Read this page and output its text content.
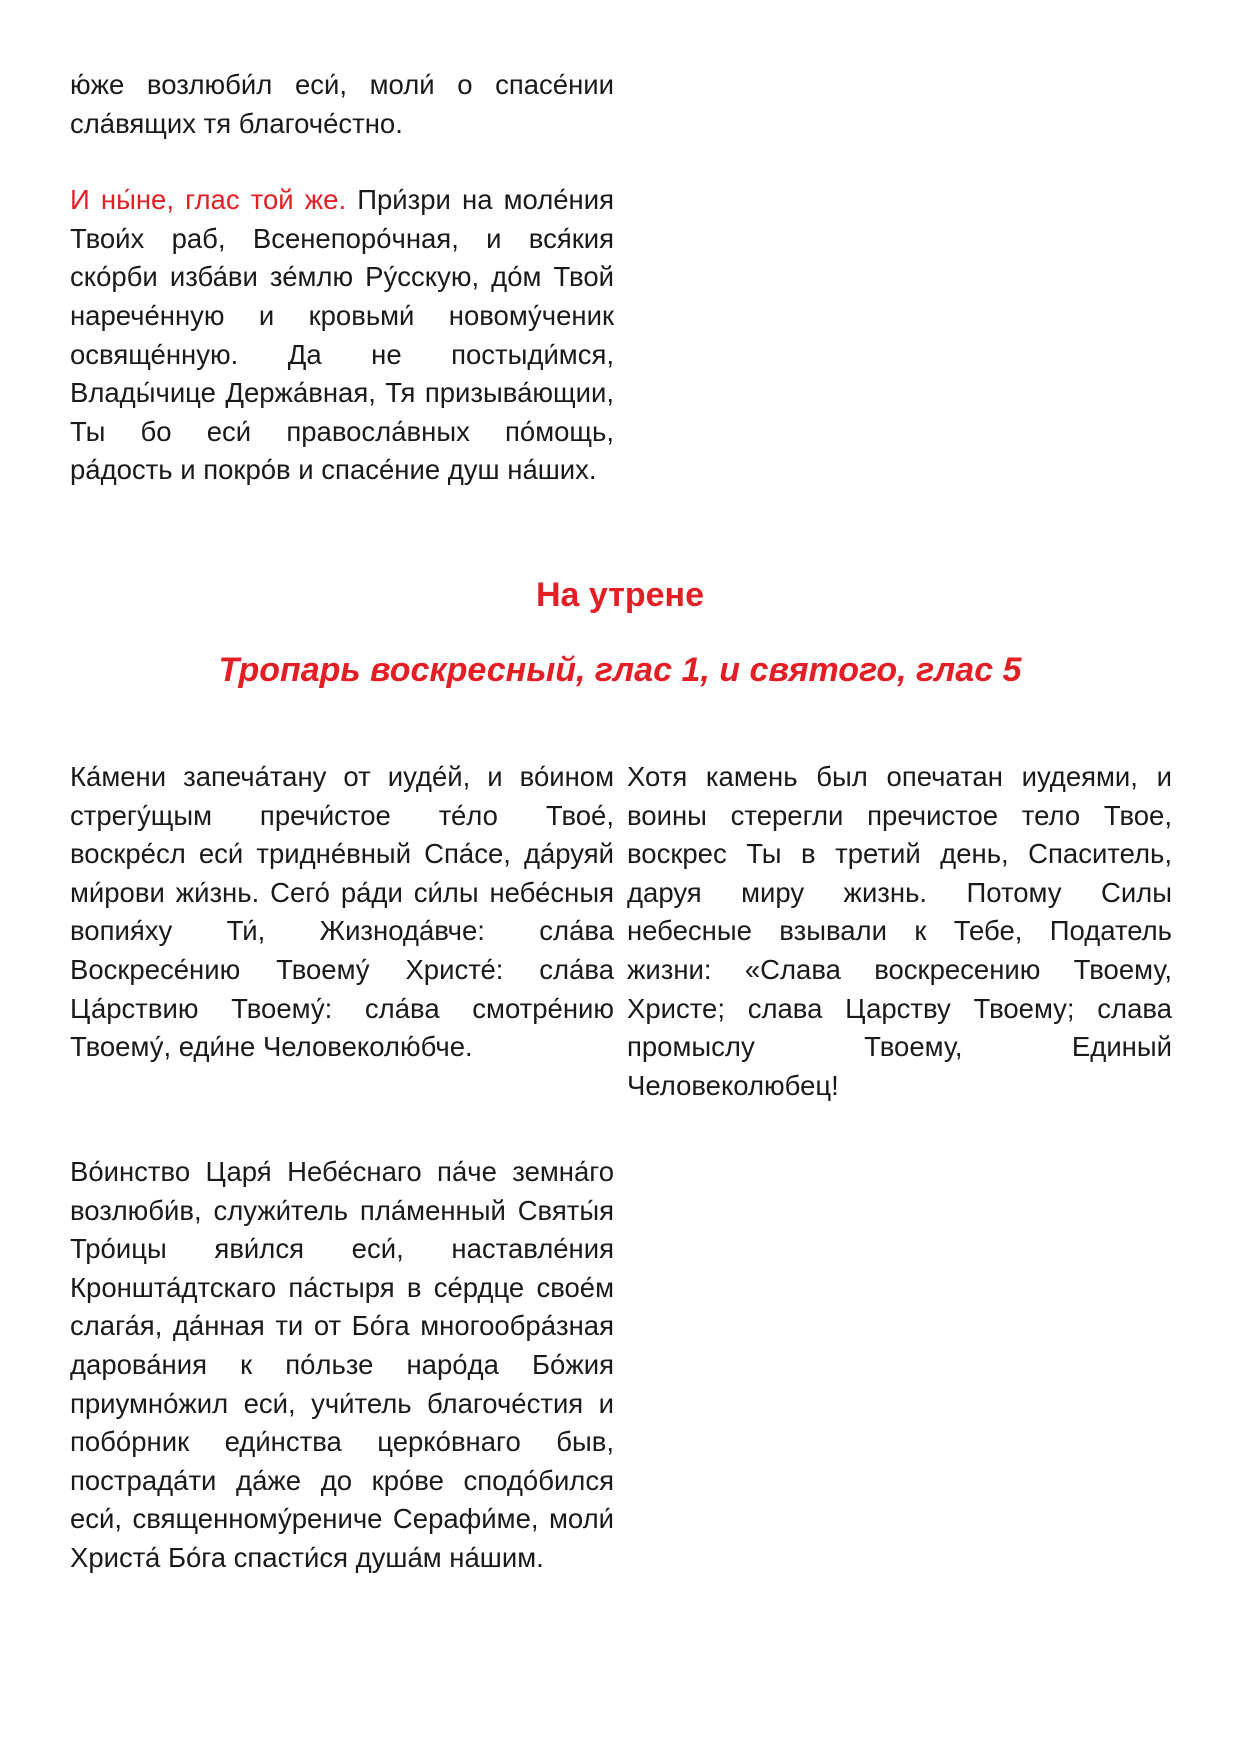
ю́же возлюби́л еси́, моли́ о спасе́нии сла́вящих тя благоче́стно.

И ны́не, глас той же. При́зри на моле́ния Твои́х раб, Всенепоро́чная, и вся́кия ско́рби изба́ви зе́млю Ру́сскую, до́м Твой нарече́нную и кровьми́ новому́ченик освяще́нную. Да не постыди́мся, Влады́чице Держа́вная, Тя призыва́ющии, Ты бо еси́ правосла́вных по́мощь, ра́дость и покро́в и спасе́ние душ на́ших.

На утрене
Тропарь воскресный, глас 1, и святого, глас 5

Ка́мени запеча́тану от иуде́й, и во́ином стрегу́щым пречи́стое те́ло Твое́, воскре́сл еси́ тридне́вный Спа́се, да́руяй ми́рови жи́знь. Сего́ ра́ди си́лы небе́сныя вопия́ху Ти́, Жизнода́вче: сла́ва Воскресе́нию Твоему́ Христе́: сла́ва Ца́рствию Твоему́: сла́ва смотре́нию Твоему́, еди́не Человеколю́бче.

Хотя камень был опечатан иудеями, и воины стерегли пречистое тело Твое, воскрес Ты в третий день, Спаситель, даруя миру жизнь. Потому Силы небесные взывали к Тебе, Податель жизни: «Слава воскресению Твоему, Христе; слава Царству Твоему; слава промыслу Твоему, Единый Человеколюбец!

Во́инство Царя́ Небе́снаго па́че земна́го возлюби́в, служи́тель пла́менный Святы́я Тро́ицы яви́лся еси́, наставле́ния Кроншта́дтскаго па́стыря в се́рдце свое́м слага́я, да́нная ти от Бо́га многообра́зная дарова́ния к по́льзе наро́да Бо́жия приумно́жил еси́, учи́тель благоче́стия и побо́рник еди́нства церко́внаго быв, пострада́ти да́же до кро́ве сподо́бился еси́, священному́рениче Серафи́ме, моли́ Христа́ Бо́га спасти́ся душа́м на́шим.
